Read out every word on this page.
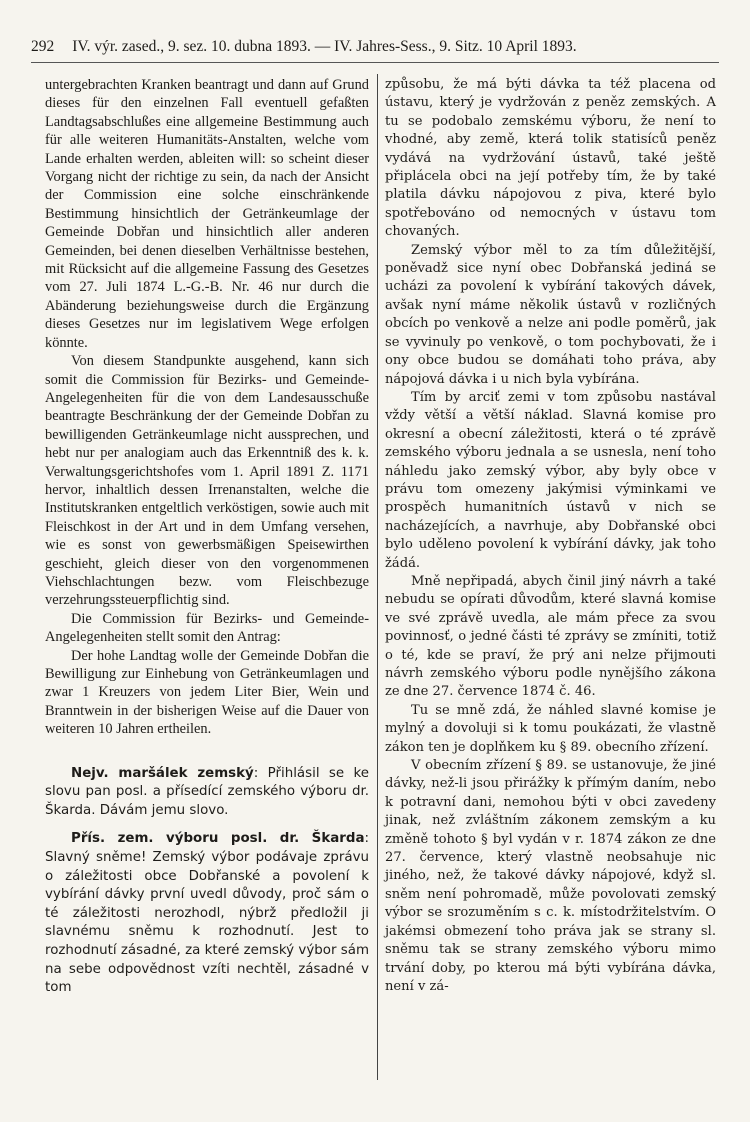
292 IV. výr. zased., 9. sez. 10. dubna 1893. — IV. Jahres-Sess., 9. Sitz. 10 April 1893.

untergebrachten Kranken beantragt und dann auf Grund dieses für den einzelnen Fall eventuell gefaßten Landtagsabschlußes eine allgemeine Bestimmung auch für alle weiteren Humanitäts-Anstalten, welche vom Lande erhalten werden, ableiten will: so scheint dieser Vorgang nicht der richtige zu sein, da nach der Ansicht der Commission eine solche einschränkende Bestimmung hinsichtlich der Getränkeumlage der Gemeinde Dobřan und hinsichtlich aller anderen Gemeinden, bei denen dieselben Verhältnisse bestehen, mit Rücksicht auf die allgemeine Fassung des Gesetzes vom 27. Juli 1874 L.-G.-B. Nr. 46 nur durch die Abänderung beziehungsweise durch die Ergänzung dieses Gesetzes nur im legislativem Wege erfolgen könnte.

Von diesem Standpunkte ausgehend, kann sich somit die Commission für Bezirks- und Gemeinde-Angelegenheiten für die von dem Landesausschuße beantragte Beschränkung der der Gemeinde Dobřan zu bewilligenden Getränkeumlage nicht aussprechen, und hebt nur per analogiam auch das Erkenntniß des k. k. Verwaltungsgerichtshofes vom 1. April 1891 Z. 1171 hervor, inhaltlich dessen Irrenanstalten, welche die Institutskranken entgeltlich verköstigen, sowie auch mit Fleischkost in der Art und in dem Umfang versehen, wie es sonst von gewerbsmäßigen Speisewirthen geschieht, gleich dieser von den vorgenommenen Viehschlachtungen bezw. vom Fleischbezuge verzehrungssteuerpflichtig sind.

Die Commission für Bezirks- und Gemeinde-Angelegenheiten stellt somit den Antrag:

Der hohe Landtag wolle der Gemeinde Dobřan die Bewilligung zur Einhebung von Getränkeumlagen und zwar 1 Kreuzers von jedem Liter Bier, Wein und Branntwein in der bisherigen Weise auf die Dauer von weiteren 10 Jahren ertheilen.

Nejv. maršálek zemský: Přihlásil se ke slovu pan posl. a přísedící zemského výboru dr. Škarda. Dávám jemu slovo.

Přís. zem. výboru posl. dr. Škarda: Slavný sněme! Zemský výbor podávaje zprávu o záležitosti obce Dobřanské a povolení k vybírání dávky první uvedl důvody, proč sám o té záležitosti nerozhodl, nýbrž předložil ji slavnému sněmu k rozhodnutí. Jest to rozhodnutí zásadné, za které zemský výbor sám na sebe odpovědnost vzíti nechtěl, zásadné v tom

způsobu, že má býti dávka ta též placena od ústavu, který je vydržován z peněz zemských. A tu se podobalo zemskému výboru, že není to vhodné, aby země, která tolik statisíců peněz vydává na vydržování ústavů, také ještě připlácela obci na její potřeby tím, že by také platila dávku nápojovou z piva, které bylo spotřebováno od nemocných v ústavu tom chovaných.

Zemský výbor měl to za tím důležitější, poněvadž sice nyní obec Dobřanská jediná se ucházi za povolení k vybírání takových dávek, avšak nyní máme několik ústavů v rozličných obcích po venkově a nelze ani podle poměrů, jak se vyvinuly po venkově, o tom pochybovati, že i ony obce budou se domáhati toho práva, aby nápojová dávka i u nich byla vybírána.

Tím by arciť zemi v tom způsobu nastával vždy větší a větší náklad. Slavná komise pro okresní a obecní záležitosti, která o té zprávě zemského výboru jednala a se usnesla, není toho náhledu jako zemský výbor, aby byly obce v právu tom omezeny jakýmisi výminkami ve prospěch humanitních ústavů v nich se nacházejících, a navrhuje, aby Dobřanské obci bylo uděleno povolení k vybírání dávky, jak toho žádá.

Mně nepřipadá, abych činil jiný návrh a také nebudu se opírati důvodům, které slavná komise ve své zprávě uvedla, ale mám přece za svou povinnosť, o jedné části té zprávy se zmíniti, totiž o té, kde se praví, že prý ani nelze přijmouti návrh zemského výboru podle nynějšího zákona ze dne 27. července 1874 č. 46.

Tu se mně zdá, že náhled slavné komise je mylný a dovoluji si k tomu poukázati, že vlastně zákon ten je doplňkem ku § 89. obecního zřízení.

V obecním zřízení § 89. se ustanovuje, že jiné dávky, než-li jsou přirážky k přímým daním, nebo k potravní dani, nemohou býti v obci zavedeny jinak, než zvláštním zákonem zemským a ku změně tohoto § byl vydán v r. 1874 zákon ze dne 27. července, který vlastně neobsahuje nic jiného, než, že takové dávky nápojové, když sl. sněm není pohromadě, může povolovati zemský výbor se srozuměním s c. k. místodržitelstvím. O jakémsi obmezení toho práva jak se strany sl. sněmu tak se strany zemského výboru mimo trvání doby, po kterou má býti vybírána dávka, není v zá-
